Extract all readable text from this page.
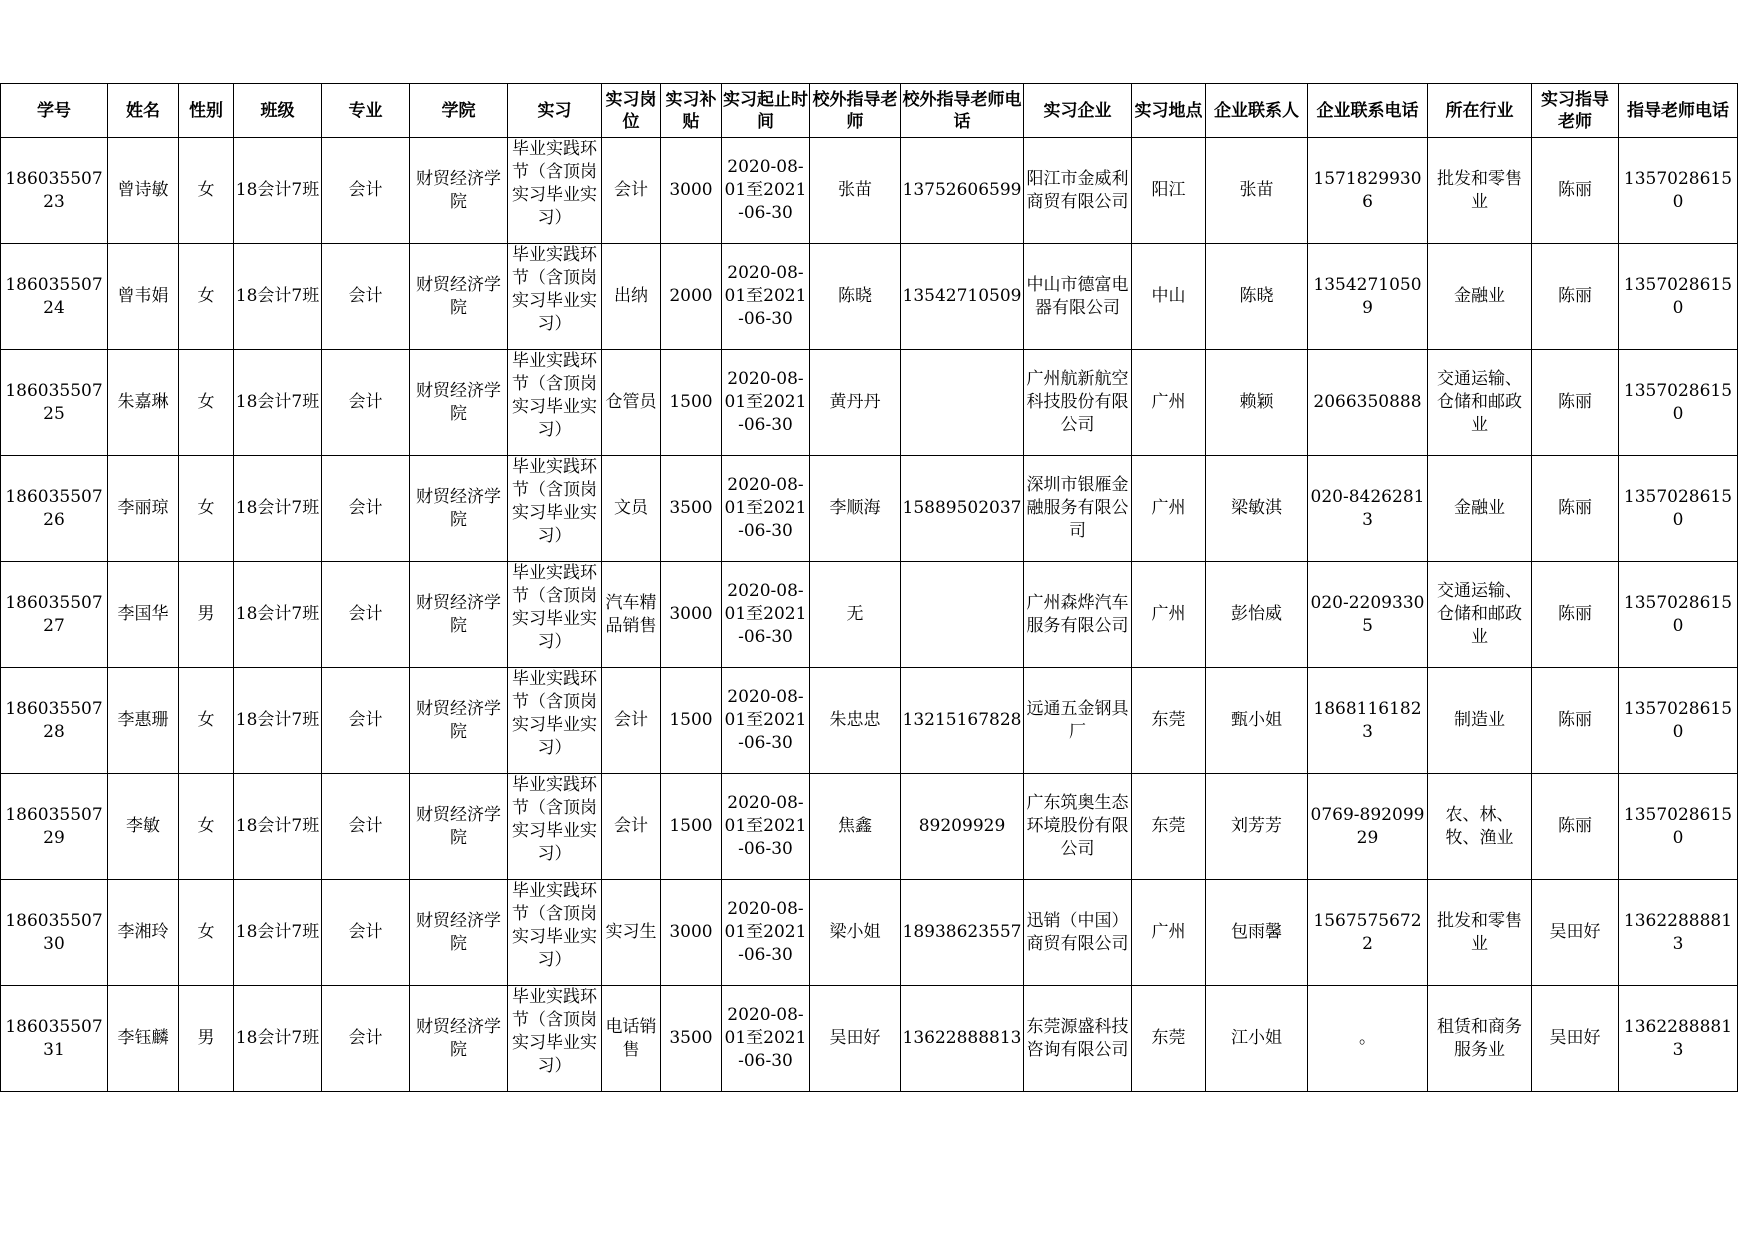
学号	姓名	性别	班级	专业	学院	实习	实习岗位	实习补贴	实习起止时间	校外指导老师	校外指导老师电话	实习企业	实习地点	企业联系人	企业联系电话	所在行业	实习指导老师	指导老师电话
18603550723	曾诗敏	女	18会计7班	会计	财贸经济学院	毕业实践环节（含顶岗实习毕业实习）	会计	3000	2020-08-01至2021-06-30	张苗	13752606599	阳江市金威利商贸有限公司	阳江	张苗	15718299306	批发和零售业	陈丽	13570286150
18603550724	曾韦娟	女	18会计7班	会计	财贸经济学院	毕业实践环节（含顶岗实习毕业实习）	出纳	2000	2020-08-01至2021-06-30	陈晓	13542710509	中山市德富电器有限公司	中山	陈晓	13542710509	金融业	陈丽	13570286150
18603550725	朱嘉琳	女	18会计7班	会计	财贸经济学院	毕业实践环节（含顶岗实习毕业实习）	仓管员	1500	2020-08-01至2021-06-30	黄丹丹		广州航新航空科技股份有限公司	广州	赖颖	2066350888	交通运输、仓储和邮政业	陈丽	13570286150
18603550726	李丽琼	女	18会计7班	会计	财贸经济学院	毕业实践环节（含顶岗实习毕业实习）	文员	3500	2020-08-01至2021-06-30	李顺海	15889502037	深圳市银雁金融服务有限公司	广州	梁敏淇	020-84262813	金融业	陈丽	13570286150
18603550727	李国华	男	18会计7班	会计	财贸经济学院	毕业实践环节（含顶岗实习毕业实习）	汽车精品销售	3000	2020-08-01至2021-06-30	无		广州森烨汽车服务有限公司	广州	彭怡威	020-22093305	交通运输、仓储和邮政业	陈丽	13570286150
18603550728	李惠珊	女	18会计7班	会计	财贸经济学院	毕业实践环节（含顶岗实习毕业实习）	会计	1500	2020-08-01至2021-06-30	朱忠忠	13215167828	远通五金钢具厂	东莞	甄小姐	18681161823	制造业	陈丽	13570286150
18603550729	李敏	女	18会计7班	会计	财贸经济学院	毕业实践环节（含顶岗实习毕业实习）	会计	1500	2020-08-01至2021-06-30	焦鑫	89209929	广东筑奥生态环境股份有限公司	东莞	刘芳芳	0769-89209929	农、林、牧、渔业	陈丽	13570286150
18603550730	李湘玲	女	18会计7班	会计	财贸经济学院	毕业实践环节（含顶岗实习毕业实习）	实习生	3000	2020-08-01至2021-06-30	梁小姐	18938623557	迅销（中国）商贸有限公司	广州	包雨馨	15675756722	批发和零售业	吴田好	13622888813
18603550731	李钰麟	男	18会计7班	会计	财贸经济学院	毕业实践环节（含顶岗实习毕业实习）	电话销售	3500	2020-08-01至2021-06-30	吴田好	13622888813	东莞源盛科技咨询有限公司	东莞	江小姐	。	租赁和商务服务业	吴田好	13622888813
